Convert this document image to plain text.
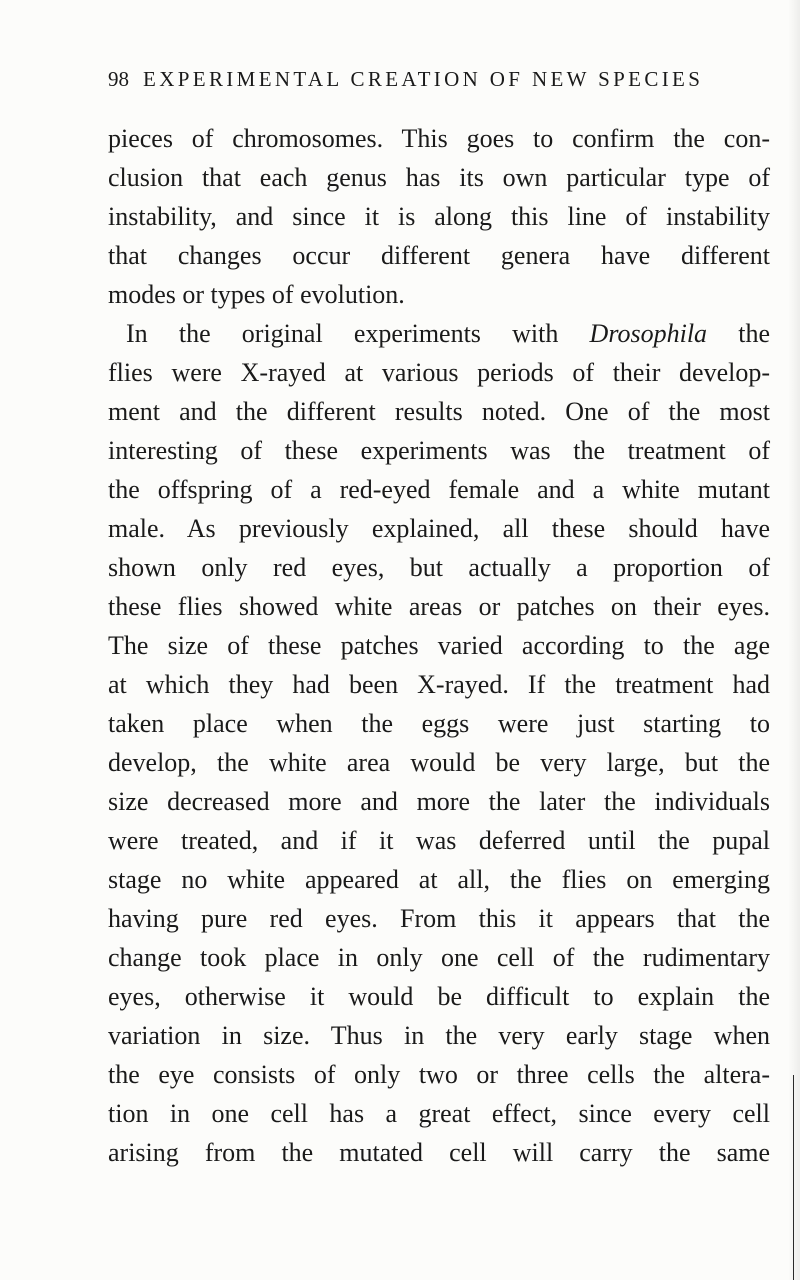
98 EXPERIMENTAL CREATION OF NEW SPECIES
pieces of chromosomes. This goes to confirm the con-
clusion that each genus has its own particular type of
instability, and since it is along this line of instability
that changes occur different genera have different
modes or types of evolution.
In the original experiments with Drosophila the
flies were X-rayed at various periods of their develop-
ment and the different results noted. One of the most
interesting of these experiments was the treatment of
the offspring of a red-eyed female and a white mutant
male. As previously explained, all these should have
shown only red eyes, but actually a proportion of
these flies showed white areas or patches on their eyes.
The size of these patches varied according to the age
at which they had been X-rayed. If the treatment had
taken place when the eggs were just starting to
develop, the white area would be very large, but the
size decreased more and more the later the individuals
were treated, and if it was deferred until the pupal
stage no white appeared at all, the flies on emerging
having pure red eyes. From this it appears that the
change took place in only one cell of the rudimentary
eyes, otherwise it would be difficult to explain the
variation in size. Thus in the very early stage when
the eye consists of only two or three cells the altera-
tion in one cell has a great effect, since every cell
arising from the mutated cell will carry the same
